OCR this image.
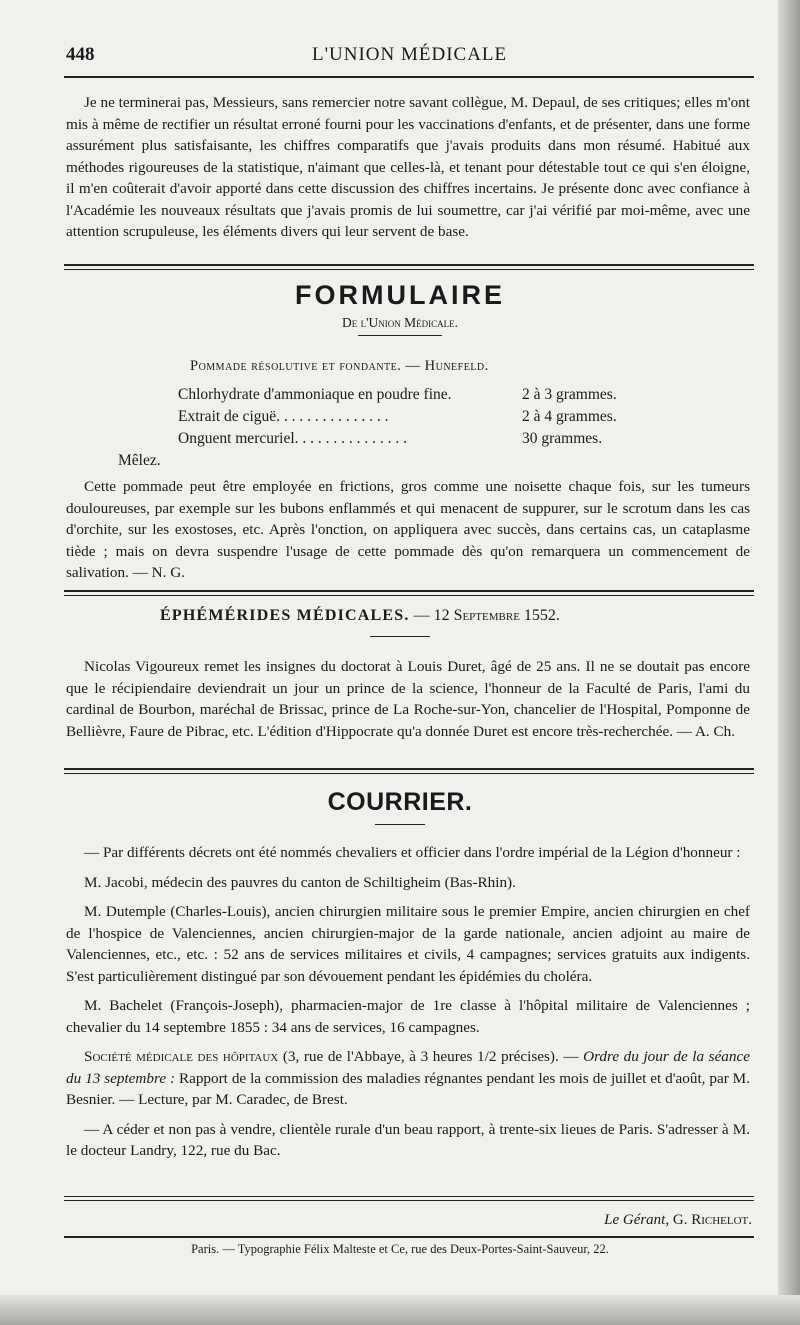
448	L'UNION MÉDICALE

Je ne terminerai pas, Messieurs, sans remercier notre savant collègue, M. Depaul, de ses critiques; elles m'ont mis à même de rectifier un résultat erroné fourni pour les vaccinations d'enfants, et de présenter, dans une forme assurément plus satisfaisante, les chiffres comparatifs que j'avais produits dans mon résumé. Habitué aux méthodes rigoureuses de la statistique, n'aimant que celles-là, et tenant pour détestable tout ce qui s'en éloigne, il m'en coûterait d'avoir apporté dans cette discussion des chiffres incertains. Je présente donc avec confiance à l'Académie les nouveaux résultats que j'avais promis de lui soumettre, car j'ai vérifié par moi-même, avec une attention scrupuleuse, les éléments divers qui leur servent de base.

FORMULAIRE
De l'Union Médicale.
Pommade résolutive et fondante. — Hunefeld.
Chlorhydrate d'ammoniaque en poudre fine.	2 à 3 grammes.
Extrait de ciguë. . . . . . . . . . . . . . .	2 à 4 grammes.
Onguent mercuriel. . . . . . . . . . . . . . .	30 grammes.
Mêlez.

Cette pommade peut être employée en frictions, gros comme une noisette chaque fois, sur les tumeurs douloureuses, par exemple sur les bubons enflammés et qui menacent de suppurer, sur le scrotum dans les cas d'orchite, sur les exostoses, etc. Après l'onction, on appliquera avec succès, dans certains cas, un cataplasme tiède ; mais on devra suspendre l'usage de cette pommade dès qu'on remarquera un commencement de salivation. — N. G.

ÉPHÉMÉRIDES MÉDICALES. — 12 Septembre 1552.

Nicolas Vigoureux remet les insignes du doctorat à Louis Duret, âgé de 25 ans. Il ne se doutait pas encore que le récipiendaire deviendrait un jour un prince de la science, l'honneur de la Faculté de Paris, l'ami du cardinal de Bourbon, maréchal de Brissac, prince de La Roche-sur-Yon, chancelier de l'Hospital, Pomponne de Bellièvre, Faure de Pibrac, etc. L'édition d'Hippocrate qu'a donnée Duret est encore très-recherchée. — A. Ch.

COURRIER.

— Par différents décrets ont été nommés chevaliers et officier dans l'ordre impérial de la Légion d'honneur :

M. Jacobi, médecin des pauvres du canton de Schiltigheim (Bas-Rhin).

M. Dutemple (Charles-Louis), ancien chirurgien militaire sous le premier Empire, ancien chirurgien en chef de l'hospice de Valenciennes, ancien chirurgien-major de la garde nationale, ancien adjoint au maire de Valenciennes, etc., etc. : 52 ans de services militaires et civils, 4 campagnes; services gratuits aux indigents. S'est particulièrement distingué par son dévouement pendant les épidémies du choléra.

M. Bachelet (François-Joseph), pharmacien-major de 1re classe à l'hôpital militaire de Valenciennes ; chevalier du 14 septembre 1855 : 34 ans de services, 16 campagnes.

Société médicale des hôpitaux (3, rue de l'Abbaye, à 3 heures 1/2 précises). — Ordre du jour de la séance du 13 septembre : Rapport de la commission des maladies régnantes pendant les mois de juillet et d'août, par M. Besnier. — Lecture, par M. Caradec, de Brest.

— A céder et non pas à vendre, clientèle rurale d'un beau rapport, à trente-six lieues de Paris. S'adresser à M. le docteur Landry, 122, rue du Bac.

Le Gérant, G. Richelot.
Paris. — Typographie Félix Malteste et Ce, rue des Deux-Portes-Saint-Sauveur, 22.
